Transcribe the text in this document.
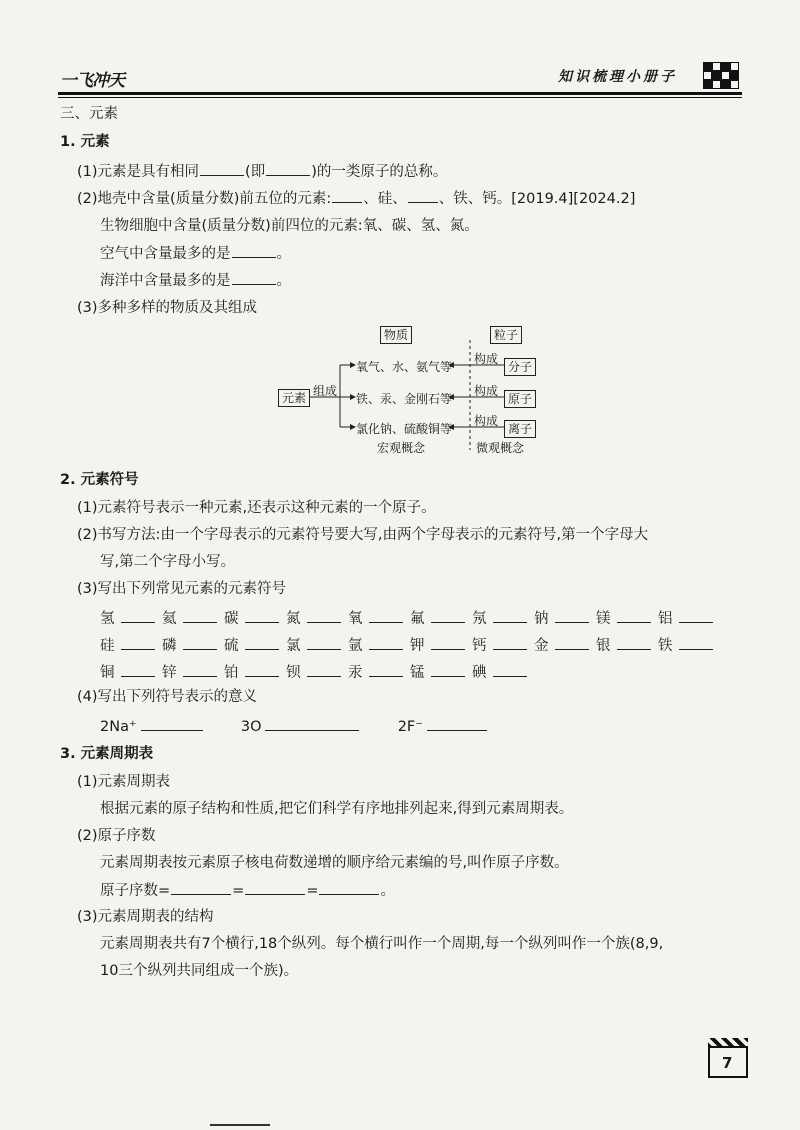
一飞冲天	知识梳理小册子
三、元素
1. 元素
(1)元素是具有相同	(即	)的一类原子的总称。
(2)地壳中含量(质量分数)前五位的元素: 、硅、 、铁、钙。[2019.4][2024.2]
生物细胞中含量(质量分数)前四位的元素:氧、碳、氢、氮。
空气中含量最多的是	。
海洋中含量最多的是	。
(3)多种多样的物质及其组成
物质	粒子
元素 组成
氧气、水、氨气等
铁、汞、金刚石等
氯化钠、硫酸铜等
构成
构成
构成
分子
原子
离子
宏观概念	微观概念
2. 元素符号
(1)元素符号表示一种元素,还表示这种元素的一个原子。
(2)书写方法:由一个字母表示的元素符号要大写,由两个字母表示的元素符号,第一个字母大
写,第二个字母小写。
(3)写出下列常见元素的元素符号
氢	氦	碳	氮	氧	氟	氖	钠	镁	铝
硅	磷	硫	氯	氩	钾	钙	金	银	铁
铜	锌	铂	钡	汞	锰	碘
(4)写出下列符号表示的意义
2Na⁺	3O	2F⁻
3. 元素周期表
(1)元素周期表
根据元素的原子结构和性质,把它们科学有序地排列起来,得到元素周期表。
(2)原子序数
元素周期表按元素原子核电荷数递增的顺序给元素编的号,叫作原子序数。
原子序数=	=	=	。
(3)元素周期表的结构
元素周期表共有7个横行,18个纵列。每个横行叫作一个周期,每一个纵列叫作一个族(8,9,
10三个纵列共同组成一个族)。
7
